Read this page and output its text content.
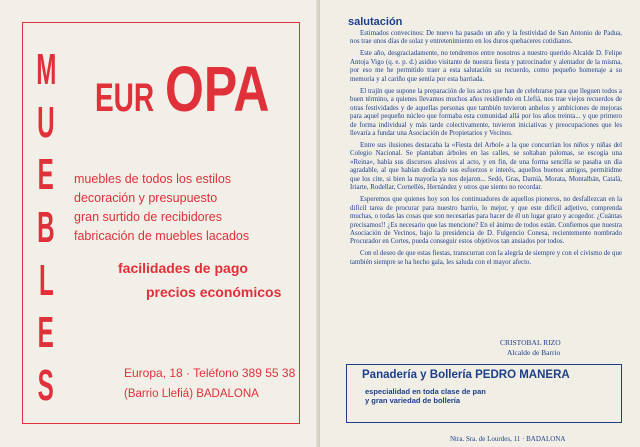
M
U
E
B
L
E
S
EUR OPA
muebles de todos los estilos
decoración y presupuesto
gran surtido de recibidores
fabricación de muebles lacados
facilidades de pago
precios económicos
Europa, 18 · Teléfono 389 55 38
(Barrio Llefiá) BADALONA
salutación

Estimados convecinos: De nuevo ha pasado un año y la festividad de San Antonio de Padua, nos trae unos días de solaz y entretenimiento en los duros quehaceres cotidianos.

Este año, desgraciadamente, no tendremos entre nosotros a nuestro querido Alcalde D. Felipe Antoja Vigo (q. e. p. d.) asiduo visitante de nuestra fiesta y patrocinador y alentador de la misma, por eso me he permitido traer a esta salutación su recuerdo, como pequeño homenaje a su memoria y al cariño que sentía por esta barriada.

El trajín que supone la preparación de los actos que han de celebrarse para que lleguen todos a buen término, a quienes llevamos muchos años residiendo en Llefiá, nos trae viejos recuerdos de otras festividades y de aquellas personas que también tuvieron anhelos y ambiciones de mejoras para aquel pequeño núcleo que formaba esta comunidad allá por los años treinta... y que primero de forma individual y más tarde colectivamente, tuvieron iniciativas y preocupaciones que les llevaría a fundar una Asociación de Propietarios y Vecinos.

Entre sus ilusiones destacaba la «Fiesta del Arbol» a la que concurrían los niños y niñas del Colegio Nacional. Se plantaban árboles en las calles, se soltaban palomas, se escogía una «Reina», había sus discursos alusivos al acto, y en fin, de una forma sencilla se pasaba un día agradable, al que habían dedicado sus esfuerzos e interés, aquellos buenos amigos, permitidme que los cite, si bien la mayoría ya nos dejaron... Sedó, Gras, Damià, Morata, Montalbán, Català, Iriarte, Rodellar, Cornellès, Hernández y otros que siento no recordar.

Esperemos que quienes hoy son los continuadores de aquellos pioneros, no desfallezcan en la difícil tarea de procurar para nuestro barrio, lo mejor, y que este difícil adjetivo, comprenda muchas, o todas las cosas que son necesarias para hacer de él un lugar grato y acogedor. ¿Cuántas precisamos!! ¿Es necesario que las mencione? En el ánimo de todos están. Confiemos que nuestra Asociación de Vecinos, bajo la presidencia de D. Fulgencio Conesa, recientemente nombrado Procurador en Cortes, pueda conseguir estos objetivos tan ansiados por todos.

Con el deseo de que estas fiestas, transcurran con la alegría de siempre y con el civismo de que también siempre se ha hecho gala, les saluda con el mayor afecto.

CRISTOBAL RIZO
Alcalde de Barrio
Panadería y Bollería PEDRO MANERA
especialidad en toda clase de pan
y gran variedad de bollería
Ntra. Sra. de Lourdes, 11 · BADALONA
